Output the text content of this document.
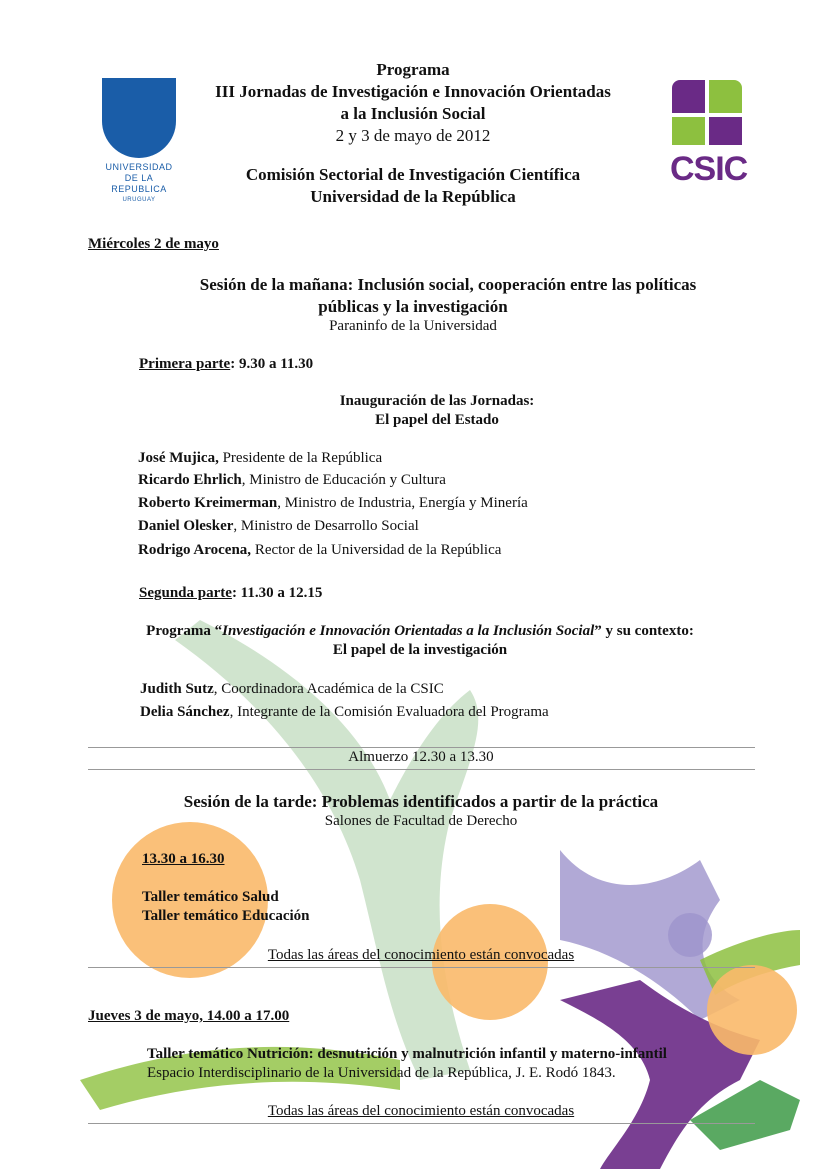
UNIVERSIDAD
DE LA REPUBLICA
URUGUAY
CSIC
Programa
III Jornadas de Investigación e Innovación Orientadas
a la Inclusión Social
2 y 3 de mayo de 2012
Comisión Sectorial de Investigación Científica
Universidad de la República
Miércoles 2 de mayo
Sesión de la mañana: Inclusión social, cooperación entre las políticas
públicas y la investigación
Paraninfo de la Universidad
Primera parte: 9.30 a 11.30
Inauguración de las Jornadas:
El papel del Estado
José Mujica, Presidente de la República
Ricardo Ehrlich, Ministro de Educación y Cultura
Roberto Kreimerman, Ministro de Industria, Energía y Minería
Daniel Olesker, Ministro de Desarrollo Social
Rodrigo Arocena, Rector de la Universidad de la República
Segunda parte: 11.30 a 12.15
Programa “Investigación e Innovación Orientadas a la Inclusión Social” y su contexto:
El papel de la investigación
Judith Sutz, Coordinadora Académica de la CSIC
Delia Sánchez, Integrante de la Comisión Evaluadora del Programa
Almuerzo 12.30 a 13.30
Sesión de la tarde: Problemas identificados a partir de la práctica
Salones de Facultad de Derecho
13.30 a 16.30
Taller temático Salud
Taller temático Educación
Todas las áreas del conocimiento están convocadas
Jueves 3 de mayo, 14.00 a 17.00
Taller temático Nutrición: desnutrición y malnutrición infantil y materno-infantil
Espacio Interdisciplinario de la Universidad de la República, J. E. Rodó 1843.
Todas las áreas del conocimiento están convocadas
